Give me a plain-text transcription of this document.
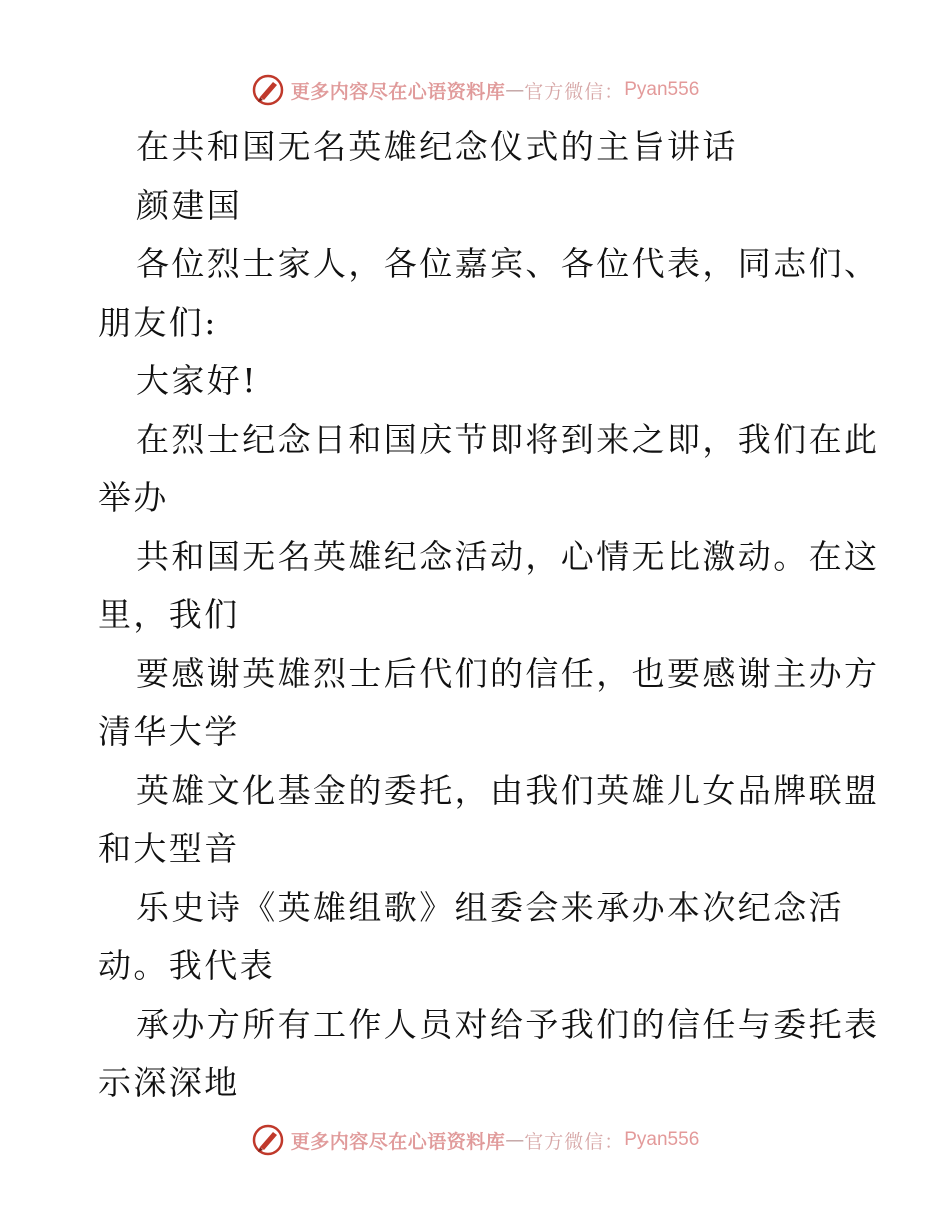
更多内容尽在心语资料库 — 官方微信： Pyan556
在共和国无名英雄纪念仪式的主旨讲话
颜建国
各位烈士家人，各位嘉宾、各位代表，同志们、
朋友们:
大家好!
在烈士纪念日和国庆节即将到来之即，我们在此
举办
共和国无名英雄纪念活动，心情无比激动。在这
里，我们
要感谢英雄烈士后代们的信任，也要感谢主办方
清华大学
英雄文化基金的委托，由我们英雄儿女品牌联盟
和大型音
乐史诗《英雄组歌》组委会来承办本次纪念活
动。我代表
承办方所有工作人员对给予我们的信任与委托表
示深深地
更多内容尽在心语资料库 — 官方微信： Pyan556
